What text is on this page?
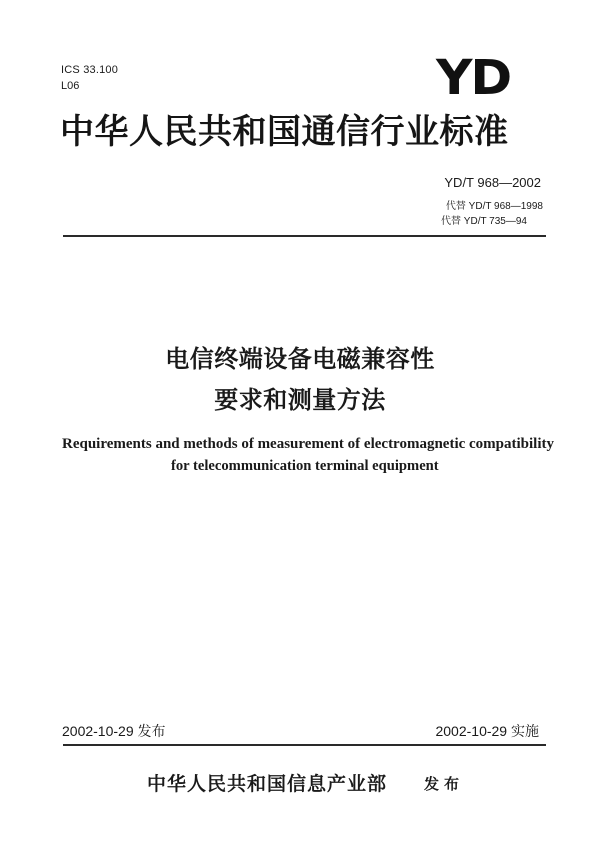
ICS 33.100
L06	YD
中华人民共和国通信行业标准
YD/T 968—2002
代替 YD/T 968—1998
代替 YD/T 735—94
电信终端设备电磁兼容性
要求和测量方法
Requirements and methods of measurement of electromagnetic compatibility
for telecommunication terminal equipment
2002-10-29 发布	2002-10-29 实施
中华人民共和国信息产业部 发布
